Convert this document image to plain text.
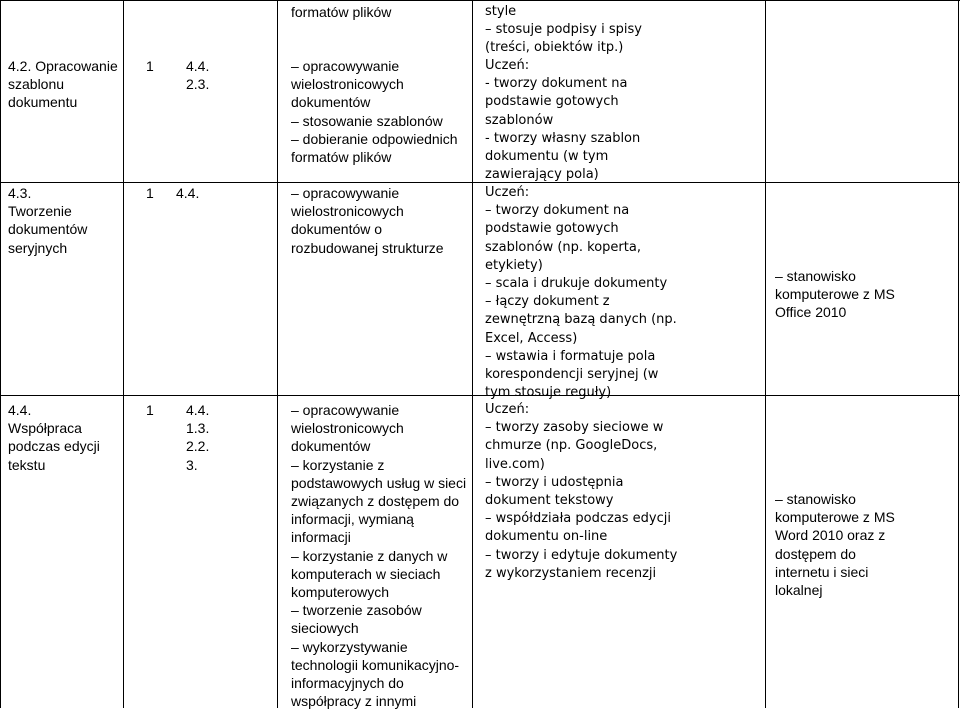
formatów plików	style
– stosuje podpisy i spisy
(treści, obiektów itp.)
4.2. Opracowanie
szablonu
dokumentu
1 4.4.
2.3.
– opracowywanie
wielostronicowych
dokumentów
– stosowanie szablonów
– dobieranie odpowiednich
formatów plików
Uczeń:
- tworzy dokument na
podstawie gotowych
szablonów
- tworzy własny szablon
dokumentu (w tym
zawierający pola)
4.3.
Tworzenie
dokumentów
seryjnych
1 4.4.	– opracowywanie
wielostronicowych
dokumentów o
rozbudowanej strukturze
Uczeń:
– tworzy dokument na
podstawie gotowych
szablonów (np. koperta,
etykiety)
– scala i drukuje dokumenty
– łączy dokument z
zewnętrzną bazą danych (np.
Excel, Access)
– wstawia i formatuje pola
korespondencji seryjnej (w
tym stosuje reguły)
– stanowisko
komputerowe z MS
Office 2010
4.4.
Współpraca
podczas edycji
tekstu
1 4.4.
1.3.
2.2.
3.
– opracowywanie
wielostronicowych
dokumentów
– korzystanie z
podstawowych usług w sieci
związanych z dostępem do
informacji, wymianą
informacji
– korzystanie z danych w
komputerach w sieciach
komputerowych
– tworzenie zasobów
sieciowych
– wykorzystywanie
technologii komunikacyjno-
informacyjnych do
współpracy z innymi
Uczeń:
– tworzy zasoby sieciowe w
chmurze (np. GoogleDocs,
live.com)
– tworzy i udostępnia
dokument tekstowy
– współdziała podczas edycji
dokumentu on-line
– tworzy i edytuje dokumenty
z wykorzystaniem recenzji
– stanowisko
komputerowe z MS
Word 2010 oraz z
dostępem do
internetu i sieci
lokalnej
